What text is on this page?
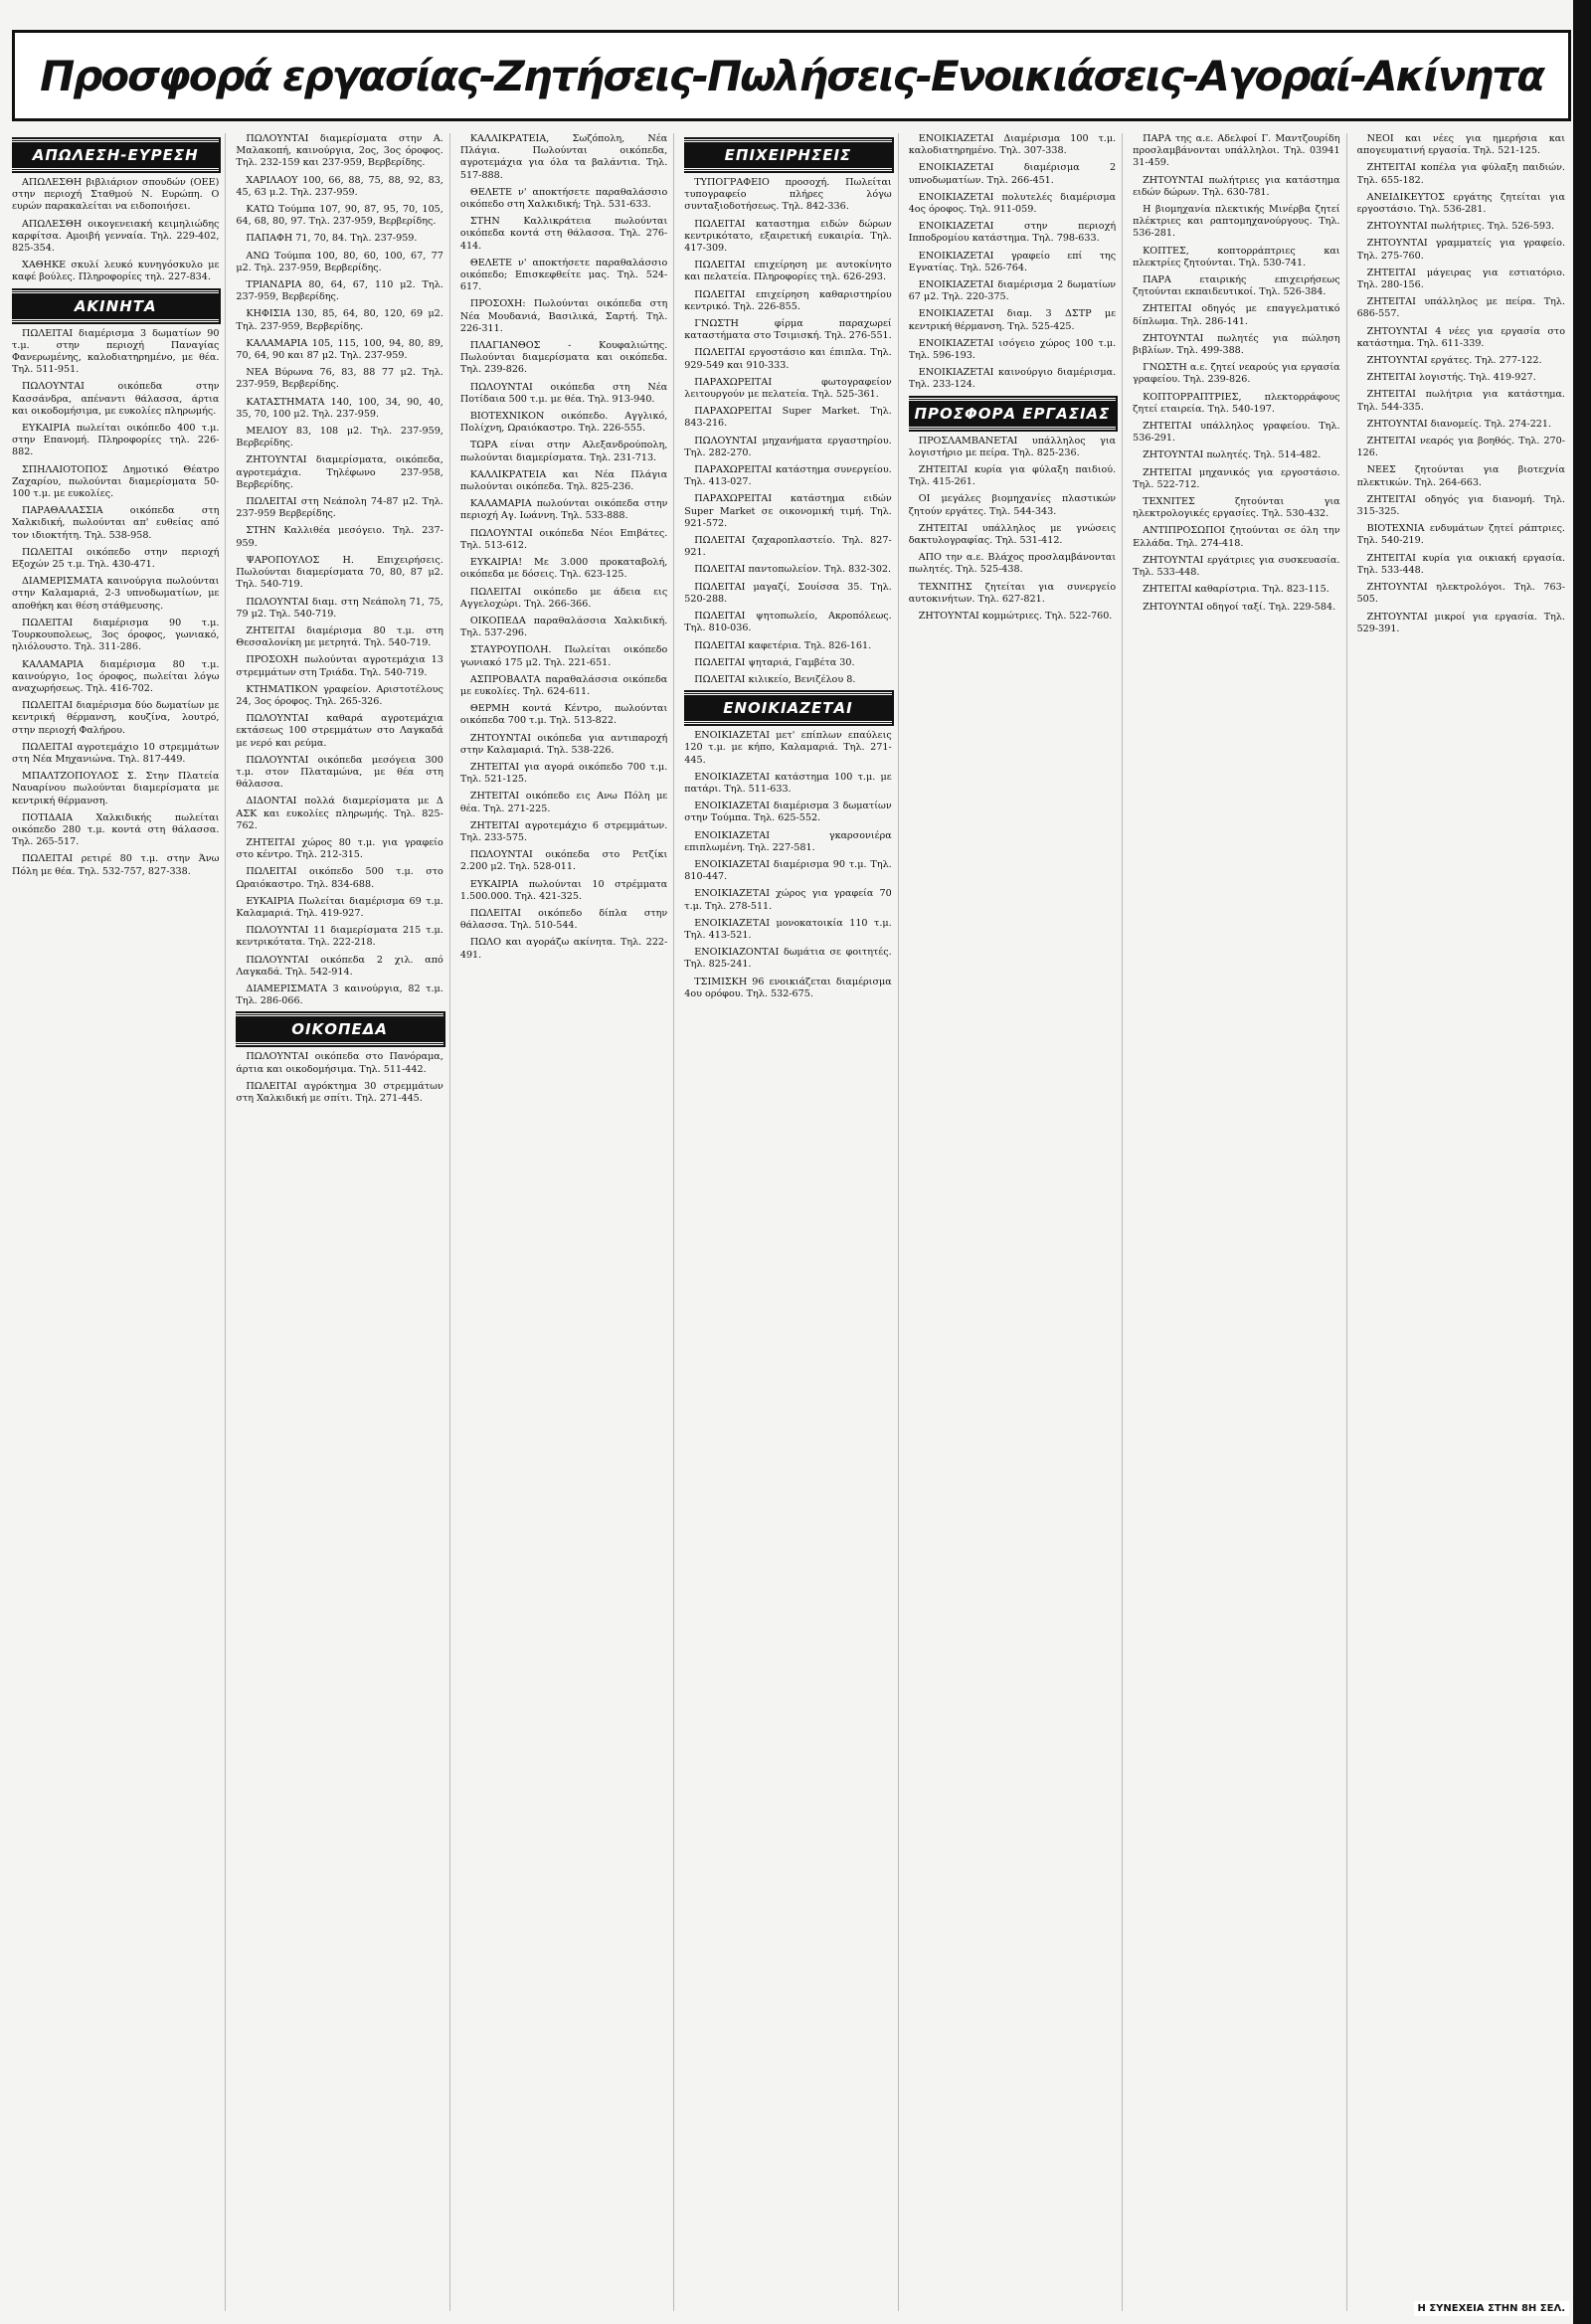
Προσφορά εργασίας-Ζητήσεις-Πωλήσεις-Ενοικιάσεις-Αγοραί-Ακίνητα
ΑΠΩΛΕΣΗ-ΕΥΡΕΣΗ
ΑΠΩΛΕΣΘΗ βιβλιάριον σπουδών (ΟΕΕ) στην περιοχή Σταθμού Ν. Ευρώπη. Ο ευρών παρακαλείται να ειδοποιήσει.
ΑΠΩΛΕΣΘΗ οικογενειακή κειμηλιώδης καρφίτσα. Αμοιβή γενναία. Τηλ. 229-402, 825-354.
ΧΑΘΗΚΕ σκυλί λευκό κυνηγόσκυλο με καφέ βούλες. Πληροφορίες τηλ. 227-834.
ΑΚΙΝΗΤΑ
ΠΩΛΕΙΤΑΙ διαμέρισμα 3 δωματίων 90 τ.μ. στην περιοχή Παναγίας Φανερωμένης, καλοδιατηρημένο, με θέα. Τηλ. 511-951.
ΠΩΛΟΥΝΤΑΙ οικόπεδα στην Κασσάνδρα, απέναντι θάλασσα, άρτια και οικοδομήσιμα, με ευκολίες πληρωμής.
ΕΥΚΑΙΡΙΑ πωλείται οικόπεδο 400 τ.μ. στην Επανομή. Πληροφορίες τηλ. 226-882.
ΣΠΗΛΑΙΟΤΟΠΟΣ Δημοτικό Θέατρο Ζαχαρίου, πωλούνται διαμερίσματα 50-100 τ.μ. με ευκολίες.
ΠΑΡΑΘΑΛΑΣΣΙΑ οικόπεδα στη Χαλκιδική, πωλούνται απ' ευθείας από τον ιδιοκτήτη. Τηλ. 538-958.
ΠΩΛΕΙΤΑΙ οικόπεδο στην περιοχή Εξοχών 25 τ.μ. Τηλ. 430-471.
ΔΙΑΜΕΡΙΣΜΑΤΑ καινούργια πωλούνται στην Καλαμαριά, 2-3 υπνοδωματίων, με αποθήκη και θέση στάθμευσης.
ΠΩΛΕΙΤΑΙ διαμέρισμα 90 τ.μ. Τουρκουπολεως, 3ος όροφος, γωνιακό, ηλιόλουστο. Τηλ. 311-286.
ΚΑΛΑΜΑΡΙΑ διαμέρισμα 80 τ.μ. καινούργιο, 1ος όροφος, πωλείται λόγω αναχωρήσεως. Τηλ. 416-702.
ΠΩΛΕΙΤΑΙ διαμέρισμα δύο δωματίων με κεντρική θέρμανση, κουζίνα, λουτρό, στην περιοχή Φαλήρου.
ΠΩΛΕΙΤΑΙ αγροτεμάχιο 10 στρεμμάτων στη Νέα Μηχανιώνα. Τηλ. 817-449.
ΜΠΑΛΤΖΟΠΟΥΛΟΣ Σ. Στην Πλατεία Ναυαρίνου πωλούνται διαμερίσματα με κεντρική θέρμανση.
ΠΟΤΙΔΑΙΑ Χαλκιδικής πωλείται οικόπεδο 280 τ.μ. κοντά στη θάλασσα. Τηλ. 265-517.
ΠΩΛΕΙΤΑΙ ρετιρέ 80 τ.μ. στην Άνω Πόλη με θέα. Τηλ. 532-757, 827-338.
ΠΩΛΟΥΝΤΑΙ διαμερίσματα στην Α. Μαλακοπή, καινούργια, 2ος, 3ος όροφος. Τηλ. 232-159 και 237-959, Βερβερίδης.
ΧΑΡΙΛΑΟΥ 100, 66, 88, 75, 88, 92, 83, 45, 63 μ.2. Τηλ. 237-959.
ΚΑΤΩ Τούμπα 107, 90, 87, 95, 70, 105, 64, 68, 80, 97. Τηλ. 237-959, Βερβερίδης.
ΠΑΠΑΦΗ 71, 70, 84. Τηλ. 237-959.
ΑΝΩ Τούμπα 100, 80, 60, 100, 67, 77 μ2. Τηλ. 237-959, Βερβερίδης.
ΤΡΙΑΝΔΡΙΑ 80, 64, 67, 110 μ2. Τηλ. 237-959, Βερβερίδης.
ΚΗΦΙΣΙΑ 130, 85, 64, 80, 120, 69 μ2. Τηλ. 237-959, Βερβερίδης.
ΚΑΛΑΜΑΡΙΑ 105, 115, 100, 94, 80, 89, 70, 64, 90 και 87 μ2. Τηλ. 237-959.
ΝΕΑ Βύρωνα 76, 83, 88 77 μ2. Τηλ. 237-959, Βερβερίδης.
ΚΑΤΑΣΤΗΜΑΤΑ 140, 100, 34, 90, 40, 35, 70, 100 μ2. Τηλ. 237-959.
ΜΕΛΙΟΥ 83, 108 μ2. Τηλ. 237-959, Βερβερίδης.
ΖΗΤΟΥΝΤΑΙ διαμερίσματα, οικόπεδα, αγροτεμάχια. Τηλέφωνο 237-958, Βερβερίδης.
ΠΩΛΕΙΤΑΙ στη Νεάπολη 74-87 μ2. Τηλ. 237-959 Βερβερίδης.
ΣΤΗΝ Καλλιθέα μεσόγειο. Τηλ. 237-959.
ΨΑΡΟΠΟΥΛΟΣ Η. Επιχειρήσεις. Πωλούνται διαμερίσματα 70, 80, 87 μ2. Τηλ. 540-719.
ΠΩΛΟΥΝΤΑΙ διαμ. στη Νεάπολη 71, 75, 79 μ2. Τηλ. 540-719.
ΖΗΤΕΙΤΑΙ διαμέρισμα 80 τ.μ. στη Θεσσαλονίκη με μετρητά. Τηλ. 540-719.
ΠΡΟΣΟΧΗ πωλούνται αγροτεμάχια 13 στρεμμάτων στη Τριάδα. Τηλ. 540-719.
ΚΤΗΜΑΤΙΚΟΝ γραφείον. Αριστοτέλους 24, 3ος όροφος. Τηλ. 265-326.
ΠΩΛΟΥΝΤΑΙ καθαρά αγροτεμάχια εκτάσεως 100 στρεμμάτων στο Λαγκαδά με νερό και ρεύμα.
ΠΩΛΟΥΝΤΑΙ οικόπεδα μεσόγεια 300 τ.μ. στον Πλαταμώνα, με θέα στη θάλασσα.
ΔΙΔΟΝΤΑΙ πολλά διαμερίσματα με Δ ΑΣΚ και ευκολίες πληρωμής. Τηλ. 825-762.
ΖΗΤΕΙΤΑΙ χώρος 80 τ.μ. για γραφείο στο κέντρο. Τηλ. 212-315.
ΠΩΛΕΙΤΑΙ οικόπεδο 500 τ.μ. στο Ωραιόκαστρο. Τηλ. 834-688.
ΕΥΚΑΙΡΙΑ Πωλείται διαμέρισμα 69 τ.μ. Καλαμαριά. Τηλ. 419-927.
ΠΩΛΟΥΝΤΑΙ 11 διαμερίσματα 215 τ.μ. κεντρικότατα. Τηλ. 222-218.
ΠΩΛΟΥΝΤΑΙ οικόπεδα 2 χιλ. από Λαγκαδά. Τηλ. 542-914.
ΔΙΑΜΕΡΙΣΜΑΤΑ 3 καινούργια, 82 τ.μ. Τηλ. 286-066.
ΟΙΚΟΠΕΔΑ
ΠΩΛΟΥΝΤΑΙ οικόπεδα στο Πανόραμα, άρτια και οικοδομήσιμα. Τηλ. 511-442.
ΠΩΛΕΙΤΑΙ αγρόκτημα 30 στρεμμάτων στη Χαλκιδική με σπίτι. Τηλ. 271-445.
ΚΑΛΛΙΚΡΑΤΕΙΑ, Σωζόπολη, Νέα Πλάγια. Πωλούνται οικόπεδα, αγροτεμάχια για όλα τα βαλάντια. Τηλ. 517-888.
ΘΕΛΕΤΕ ν' αποκτήσετε παραθαλάσσιο οικόπεδο στη Χαλκιδική; Τηλ. 531-633.
ΣΤΗΝ Καλλικράτεια πωλούνται οικόπεδα κοντά στη θάλασσα. Τηλ. 276-414.
ΘΕΛΕΤΕ ν' αποκτήσετε παραθαλάσσιο οικόπεδο; Επισκεφθείτε μας. Τηλ. 524-617.
ΠΡΟΣΟΧΗ: Πωλούνται οικόπεδα στη Νέα Μουδανιά, Βασιλικά, Σαρτή. Τηλ. 226-311.
ΠΛΑΓΙΑΝΘΟΣ - Κουφαλιώτης. Πωλούνται διαμερίσματα και οικόπεδα. Τηλ. 239-826.
ΠΩΛΟΥΝΤΑΙ οικόπεδα στη Νέα Ποτίδαια 500 τ.μ. με θέα. Τηλ. 913-940.
ΒΙΟΤΕΧΝΙΚΟΝ οικόπεδο. Αγγλικό, Πολίχνη, Ωραιόκαστρο. Τηλ. 226-555.
ΤΩΡΑ είναι στην Αλεξανδρούπολη, πωλούνται διαμερίσματα. Τηλ. 231-713.
ΚΑΛΛΙΚΡΑΤΕΙΑ και Νέα Πλάγια πωλούνται οικόπεδα. Τηλ. 825-236.
ΚΑΛΑΜΑΡΙΑ πωλούνται οικόπεδα στην περιοχή Αγ. Ιωάννη. Τηλ. 533-888.
ΠΩΛΟΥΝΤΑΙ οικόπεδα Νέοι Επιβάτες. Τηλ. 513-612.
ΕΥΚΑΙΡΙΑ! Με 3.000 προκαταβολή, οικόπεδα με δόσεις. Τηλ. 623-125.
ΠΩΛΕΙΤΑΙ οικόπεδο με άδεια εις Αγγελοχώρι. Τηλ. 266-366.
ΟΙΚΟΠΕΔΑ παραθαλάσσια Χαλκιδική. Τηλ. 537-296.
ΣΤΑΥΡΟΥΠΟΛΗ. Πωλείται οικόπεδο γωνιακό 175 μ2. Τηλ. 221-651.
ΑΣΠΡΟΒΑΛΤΑ παραθαλάσσια οικόπεδα με ευκολίες. Τηλ. 624-611.
ΘΕΡΜΗ κοντά Κέντρο, πωλούνται οικόπεδα 700 τ.μ. Τηλ. 513-822.
ΖΗΤΟΥΝΤΑΙ οικόπεδα για αντιπαροχή στην Καλαμαριά. Τηλ. 538-226.
ΖΗΤΕΙΤΑΙ για αγορά οικόπεδο 700 τ.μ. Τηλ. 521-125.
ΖΗΤΕΙΤΑΙ οικόπεδο εις Ανω Πόλη με θέα. Τηλ. 271-225.
ΖΗΤΕΙΤΑΙ αγροτεμάχιο 6 στρεμμάτων. Τηλ. 233-575.
ΠΩΛΟΥΝΤΑΙ οικόπεδα στο Ρετζίκι 2.200 μ2. Τηλ. 528-011.
ΕΥΚΑΙΡΙΑ πωλούνται 10 στρέμματα 1.500.000. Τηλ. 421-325.
ΠΩΛΕΙΤΑΙ οικόπεδο δίπλα στην θάλασσα. Τηλ. 510-544.
ΠΩΛΟ και αγοράζω ακίνητα. Τηλ. 222-491.
ΕΠΙΧΕΙΡΗΣΕΙΣ
ΤΥΠΟΓΡΑΦΕΙΟ προσοχή. Πωλείται τυπογραφείο πλήρες λόγω συνταξιοδοτήσεως. Τηλ. 842-336.
ΠΩΛΕΙΤΑΙ καταστημα ειδών δώρων κεντρικότατο, εξαιρετική ευκαιρία. Τηλ. 417-309.
ΠΩΛΕΙΤΑΙ επιχείρηση με αυτοκίνητο και πελατεία. Πληροφορίες τηλ. 626-293.
ΠΩΛΕΙΤΑΙ επιχείρηση καθαριστηρίου κεντρικό. Τηλ. 226-855.
ΓΝΩΣΤΗ φίρμα παραχωρεί καταστήματα στο Τσιμισκή. Τηλ. 276-551.
ΠΩΛΕΙΤΑΙ εργοστάσιο και έπιπλα. Τηλ. 929-549 και 910-333.
ΠΑΡΑΧΩΡΕΙΤΑΙ φωτογραφείον λειτουργούν με πελατεία. Τηλ. 525-361.
ΠΑΡΑΧΩΡΕΙΤΑΙ Super Market. Τηλ. 843-216.
ΠΩΛΟΥΝΤΑΙ μηχανήματα εργαστηρίου. Τηλ. 282-270.
ΠΑΡΑΧΩΡΕΙΤΑΙ κατάστημα συνεργείου. Τηλ. 413-027.
ΠΑΡΑΧΩΡΕΙΤΑΙ κατάστημα ειδών Super Market σε οικονομική τιμή. Τηλ. 921-572.
ΠΩΛΕΙΤΑΙ ζαχαροπλαστείο. Τηλ. 827-921.
ΠΩΛΕΙΤΑΙ παντοπωλείον. Τηλ. 832-302.
ΠΩΛΕΙΤΑΙ μαγαζί, Σουίσσα 35. Τηλ. 520-288.
ΠΩΛΕΙΤΑΙ ψητοπωλείο, Ακροπόλεως. Τηλ. 810-036.
ΠΩΛΕΙΤΑΙ καφετέρια. Τηλ. 826-161.
ΠΩΛΕΙΤΑΙ ψηταριά, Γαμβέτα 30.
ΠΩΛΕΙΤΑΙ κιλικείο, Βενιζέλου 8.
ΕΝΟΙΚΙΑΖΕΤΑΙ
ΕΝΟΙΚΙΑΖΕΤΑΙ μετ' επίπλων επαύλεις 120 τ.μ. με κήπο, Καλαμαριά. Τηλ. 271-445.
ΕΝΟΙΚΙΑΖΕΤΑΙ κατάστημα 100 τ.μ. με πατάρι. Τηλ. 511-633.
ΕΝΟΙΚΙΑΖΕΤΑΙ διαμέρισμα 3 δωματίων στην Τούμπα. Τηλ. 625-552.
ΕΝΟΙΚΙΑΖΕΤΑΙ γκαρσονιέρα επιπλωμένη. Τηλ. 227-581.
ΕΝΟΙΚΙΑΖΕΤΑΙ διαμέρισμα 90 τ.μ. Τηλ. 810-447.
ΕΝΟΙΚΙΑΖΕΤΑΙ χώρος για γραφεία 70 τ.μ. Τηλ. 278-511.
ΕΝΟΙΚΙΑΖΕΤΑΙ μονοκατοικία 110 τ.μ. Τηλ. 413-521.
ΕΝΟΙΚΙΑΖΟΝΤΑΙ δωμάτια σε φοιτητές. Τηλ. 825-241.
ΤΣΙΜΙΣΚΗ 96 ενοικιάζεται διαμέρισμα 4ου ορόφου. Τηλ. 532-675.
ΕΝΟΙΚΙΑΖΕΤΑΙ Διαμέρισμα 100 τ.μ. καλοδιατηρημένο. Τηλ. 307-338.
ΕΝΟΙΚΙΑΖΕΤΑΙ διαμέρισμα 2 υπνοδωματίων. Τηλ. 266-451.
ΕΝΟΙΚΙΑΖΕΤΑΙ πολυτελές διαμέρισμα 4ος όροφος. Τηλ. 911-059.
ΕΝΟΙΚΙΑΖΕΤΑΙ στην περιοχή Ιπποδρομίου κατάστημα. Τηλ. 798-633.
ΕΝΟΙΚΙΑΖΕΤΑΙ γραφείο επί της Εγνατίας. Τηλ. 526-764.
ΕΝΟΙΚΙΑΖΕΤΑΙ διαμέρισμα 2 δωματίων 67 μ2. Τηλ. 220-375.
ΕΝΟΙΚΙΑΖΕΤΑΙ διαμ. 3 ΔΣΤΡ με κεντρική θέρμανση. Τηλ. 525-425.
ΕΝΟΙΚΙΑΖΕΤΑΙ ισόγειο χώρος 100 τ.μ. Τηλ. 596-193.
ΕΝΟΙΚΙΑΖΕΤΑΙ καινούργιο διαμέρισμα. Τηλ. 233-124.
ΠΡΟΣΦΟΡΑ ΕΡΓΑΣΙΑΣ
ΠΡΟΣΛΑΜΒΑΝΕΤΑΙ υπάλληλος για λογιστήριο με πείρα. Τηλ. 825-236.
ΖΗΤΕΙΤΑΙ κυρία για φύλαξη παιδιού. Τηλ. 415-261.
ΟΙ μεγάλες βιομηχανίες πλαστικών ζητούν εργάτες. Τηλ. 544-343.
ΖΗΤΕΙΤΑΙ υπάλληλος με γνώσεις δακτυλογραφίας. Τηλ. 531-412.
ΑΠΟ την α.ε. Βλάχος προσλαμβάνονται πωλητές. Τηλ. 525-438.
ΤΕΧΝΙΤΗΣ ζητείται για συνεργείο αυτοκινήτων. Τηλ. 627-821.
ΖΗΤΟΥΝΤΑΙ κομμώτριες. Τηλ. 522-760.
ΠΑΡΑ της α.ε. Αδελφοί Γ. Μαντζουρίδη προσλαμβάνονται υπάλληλοι. Τηλ. 03941 31-459.
ΖΗΤΟΥΝΤΑΙ πωλήτριες για κατάστημα ειδών δώρων. Τηλ. 630-781.
Η βιομηχανία πλεκτικής Μινέρβα ζητεί πλέκτριες και ραπτομηχανούργους. Τηλ. 536-281.
ΚΟΠΤΕΣ, κοπτορράπτριες και πλεκτρίες ζητούνται. Τηλ. 530-741.
ΠΑΡΑ εταιρικής επιχειρήσεως ζητούνται εκπαιδευτικοί. Τηλ. 526-384.
ΖΗΤΕΙΤΑΙ οδηγός με επαγγελματικό δίπλωμα. Τηλ. 286-141.
ΖΗΤΟΥΝΤΑΙ πωλητές για πώληση βιβλίων. Τηλ. 499-388.
ΓΝΩΣΤΗ α.ε. ζητεί νεαρούς για εργασία γραφείου. Τηλ. 239-826.
ΚΟΠΤΟΡΡΑΠΤΡΙΕΣ, πλεκτορράφους ζητεί εταιρεία. Τηλ. 540-197.
ΖΗΤΕΙΤΑΙ υπάλληλος γραφείου. Τηλ. 536-291.
ΖΗΤΟΥΝΤΑΙ πωλητές. Τηλ. 514-482.
ΖΗΤΕΙΤΑΙ μηχανικός για εργοστάσιο. Τηλ. 522-712.
ΤΕΧΝΙΤΕΣ ζητούνται για ηλεκτρολογικές εργασίες. Τηλ. 530-432.
ΑΝΤΙΠΡΟΣΩΠΟΙ ζητούνται σε όλη την Ελλάδα. Τηλ. 274-418.
ΖΗΤΟΥΝΤΑΙ εργάτριες για συσκευασία. Τηλ. 533-448.
ΖΗΤΕΙΤΑΙ καθαρίστρια. Τηλ. 823-115.
ΖΗΤΟΥΝΤΑΙ οδηγοί ταξί. Τηλ. 229-584.
ΝΕΟΙ και νέες για ημερήσια και απογευματινή εργασία. Τηλ. 521-125.
ΖΗΤΕΙΤΑΙ κοπέλα για φύλαξη παιδιών. Τηλ. 655-182.
ΑΝΕΙΔΙΚΕΥΤΟΣ εργάτης ζητείται για εργοστάσιο. Τηλ. 536-281.
ΖΗΤΟΥΝΤΑΙ πωλήτριες. Τηλ. 526-593.
ΖΗΤΟΥΝΤΑΙ γραμματείς για γραφείο. Τηλ. 275-760.
ΖΗΤΕΙΤΑΙ μάγειρας για εστιατόριο. Τηλ. 280-156.
ΖΗΤΕΙΤΑΙ υπάλληλος με πείρα. Τηλ. 686-557.
ΖΗΤΟΥΝΤΑΙ 4 νέες για εργασία στο κατάστημα. Τηλ. 611-339.
ΖΗΤΟΥΝΤΑΙ εργάτες. Τηλ. 277-122.
ΖΗΤΕΙΤΑΙ λογιστής. Τηλ. 419-927.
ΖΗΤΕΙΤΑΙ πωλήτρια για κατάστημα. Τηλ. 544-335.
ΖΗΤΟΥΝΤΑΙ διανομείς. Τηλ. 274-221.
ΖΗΤΕΙΤΑΙ νεαρός για βοηθός. Τηλ. 270-126.
ΝΕΕΣ ζητούνται για βιοτεχνία πλεκτικών. Τηλ. 264-663.
ΖΗΤΕΙΤΑΙ οδηγός για διανομή. Τηλ. 315-325.
ΒΙΟΤΕΧΝΙΑ ενδυμάτων ζητεί ράπτριες. Τηλ. 540-219.
ΖΗΤΕΙΤΑΙ κυρία για οικιακή εργασία. Τηλ. 533-448.
ΖΗΤΟΥΝΤΑΙ ηλεκτρολόγοι. Τηλ. 763-505.
ΖΗΤΟΥΝΤΑΙ μικροί για εργασία. Τηλ. 529-391.
Η ΣΥΝΕΧΕΙΑ ΣΤΗΝ 8Η ΣΕΛ.
